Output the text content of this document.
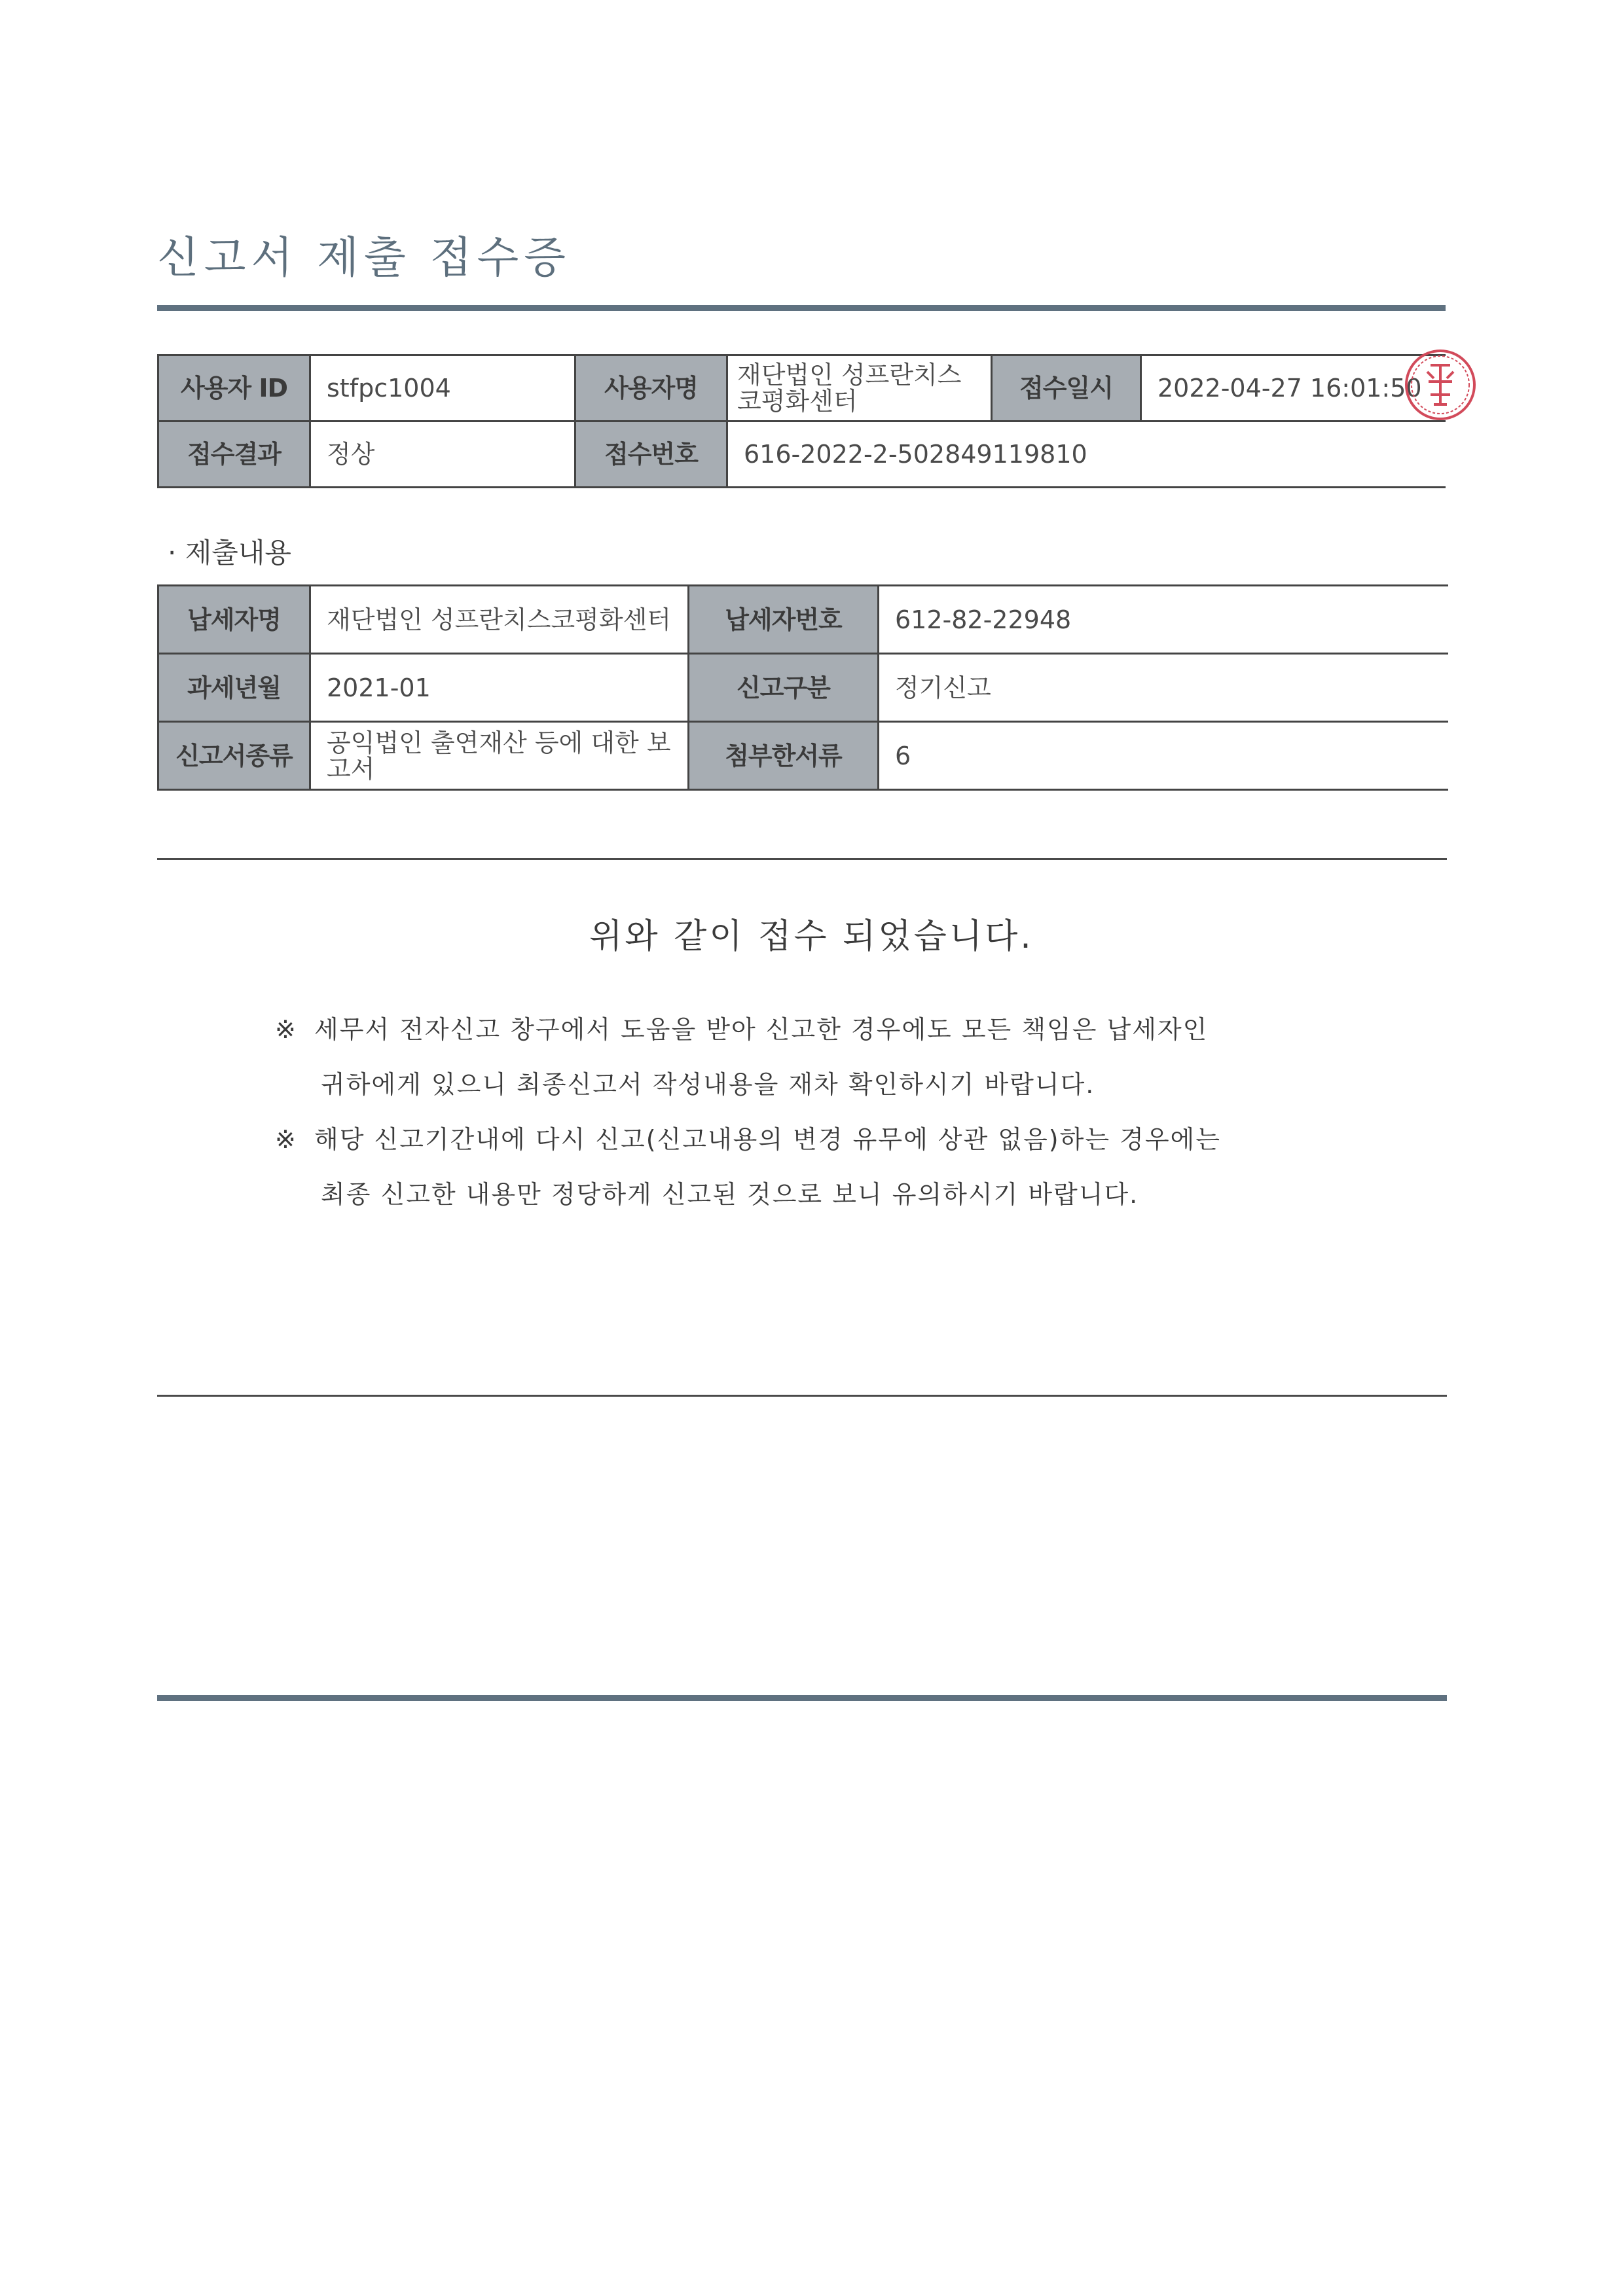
신고서 제출 접수증
사용자 ID	stfpc1004	사용자명	재단법인 성프란치스코평화센터	접수일시	2022-04-27 16:01:50
접수결과	정상	접수번호	616-2022-2-502849119810		
· 제출내용
납세자명	재단법인 성프란치스코평화센터	납세자번호	612-82-22948
과세년월	2021-01	신고구분	정기신고
신고서종류	공익법인 출연재산 등에 대한 보고서	첨부한서류	6
위와 같이 접수 되었습니다.
※ 세무서 전자신고 창구에서 도움을 받아 신고한 경우에도 모든 책임은 납세자인
귀하에게 있으니 최종신고서 작성내용을 재차 확인하시기 바랍니다.
※ 해당 신고기간내에 다시 신고(신고내용의 변경 유무에 상관 없음)하는 경우에는
최종 신고한 내용만 정당하게 신고된 것으로 보니 유의하시기 바랍니다.
